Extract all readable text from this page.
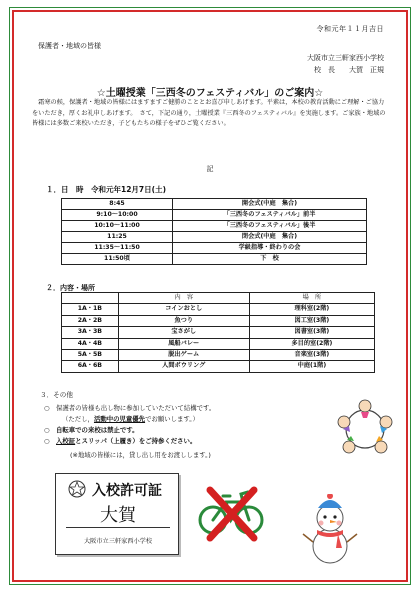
令和元年１１月吉日
保護者・地域の皆様
大阪市立三軒家西小学校
校　長　　大賀　正規
☆土曜授業「三西冬のフェスティバル」のご案内☆
　霜寒の候，保護者・地域の皆様にはますますご健勝のこととお喜び申しあげます。平素は，本校の教育活動にご理解・ご協力をいただき，厚くお礼申しあげます。　さて，下記の通り，土曜授業『三西冬のフェスティバル』を実施します。ご家族・地域の皆様には多数ご来校いただき，子どもたちの様子をぜひご覧ください。
記
１．日　時　令和元年12月7日(土)
8:45	開会式(中庭　集合)
9:10～10:00	「三西冬のフェスティバル」前半
10:10～11:00	「三西冬のフェスティバル」後半
11:25	閉会式(中庭　集合)
11:35～11:50	学級指導・終わりの会
11:50頃	下　校
２．内容・場所
	内　容	場　所
1A・1B	コインおとし	理科室(2階)
2A・2B	魚つり	図工室(3階)
3A・3B	宝さがし	図書室(3階)
4A・4B	風船バレー	多目的室(2階)
5A・5B	脱出ゲーム	音楽室(3階)
6A・6B	人間ボウリング	中庭(1階)
３．その他
○ 保護者の皆様も出し物に参加していただいて結構です。
（ただし，活動中の児童優先でお願いします。）
○ 自転車での来校は禁止です。
○ 入校証とスリッパ（上履き）をご持参ください。
(※地域の皆様には，貸し出し用をお渡しします。)
入校許可証
大賀
大阪市立三軒家西小学校
